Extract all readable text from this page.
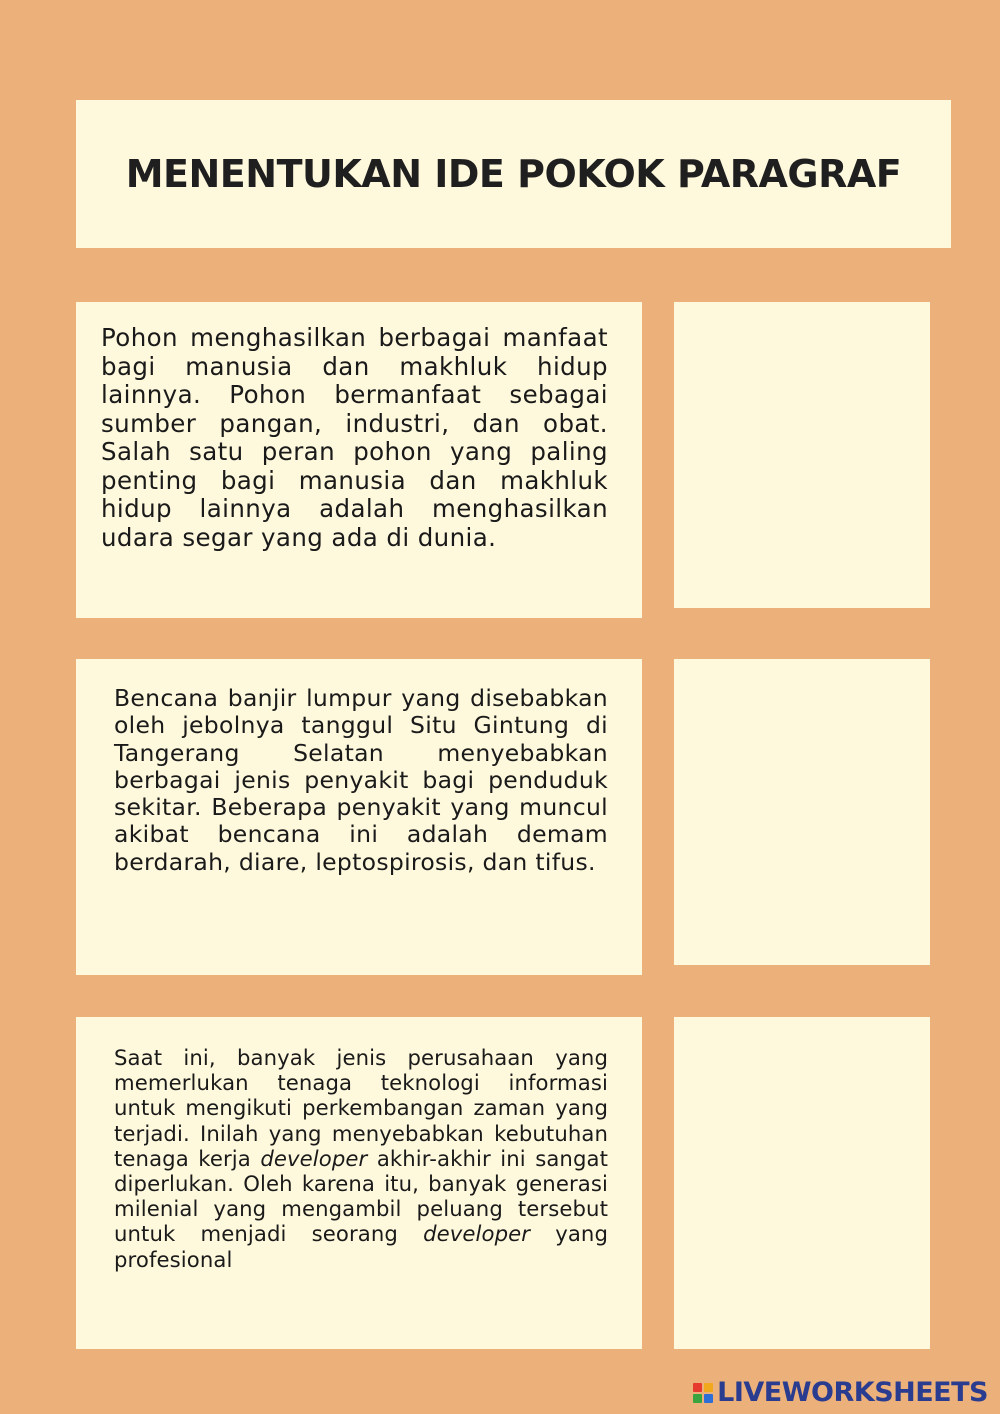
MENENTUKAN IDE POKOK PARAGRAF

Pohon menghasilkan berbagai manfaat bagi manusia dan makhluk hidup lainnya. Pohon bermanfaat sebagai sumber pangan, industri, dan obat. Salah satu peran pohon yang paling penting bagi manusia dan makhluk hidup lainnya adalah menghasilkan udara segar yang ada di dunia.

Bencana banjir lumpur yang disebabkan oleh jebolnya tanggul Situ Gintung di Tangerang Selatan menyebabkan berbagai jenis penyakit bagi penduduk sekitar. Beberapa penyakit yang muncul akibat bencana ini adalah demam berdarah, diare, leptospirosis, dan tifus.

Saat ini, banyak jenis perusahaan yang memerlukan tenaga teknologi informasi untuk mengikuti perkembangan zaman yang terjadi. Inilah yang menyebabkan kebutuhan tenaga kerja developer akhir-akhir ini sangat diperlukan. Oleh karena itu, banyak generasi milenial yang mengambil peluang tersebut untuk menjadi seorang developer yang profesional

LIVEWORKSHEETS
